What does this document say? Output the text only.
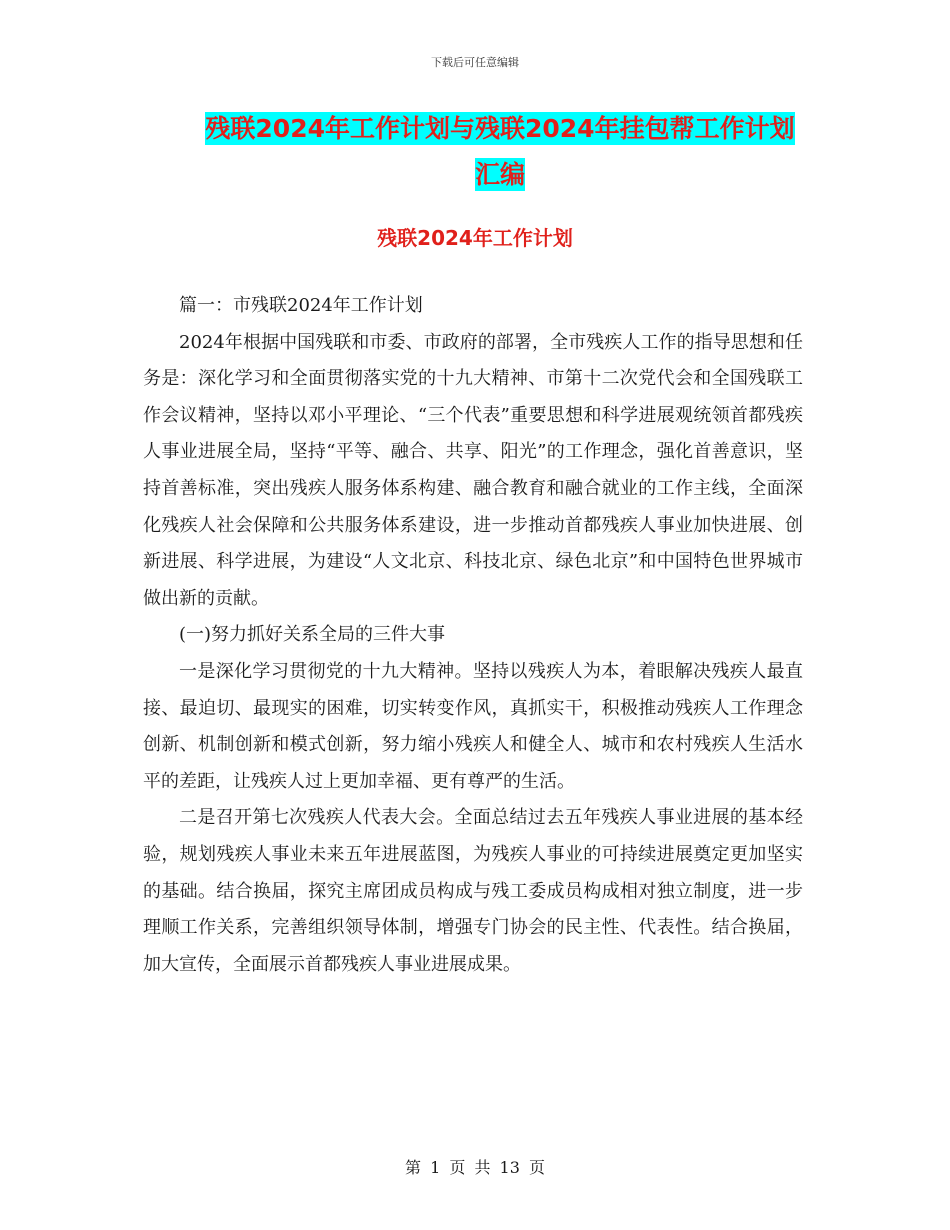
下载后可任意编辑
残联2024年工作计划与残联2024年挂包帮工作计划
汇编
残联2024年工作计划

篇一：市残联2024年工作计划

2024年根据中国残联和市委、市政府的部署，全市残疾人工作的指导思想和任务是：深化学习和全面贯彻落实党的十九大精神、市第十二次党代会和全国残联工作会议精神，坚持以邓小平理论、“三个代表”重要思想和科学进展观统领首都残疾人事业进展全局，坚持“平等、融合、共享、阳光”的工作理念，强化首善意识，坚持首善标准，突出残疾人服务体系构建、融合教育和融合就业的工作主线，全面深化残疾人社会保障和公共服务体系建设，进一步推动首都残疾人事业加快进展、创新进展、科学进展，为建设“人文北京、科技北京、绿色北京”和中国特色世界城市做出新的贡献。

(一)努力抓好关系全局的三件大事

一是深化学习贯彻党的十九大精神。坚持以残疾人为本，着眼解决残疾人最直接、最迫切、最现实的困难，切实转变作风，真抓实干，积极推动残疾人工作理念创新、机制创新和模式创新，努力缩小残疾人和健全人、城市和农村残疾人生活水平的差距，让残疾人过上更加幸福、更有尊严的生活。

二是召开第七次残疾人代表大会。全面总结过去五年残疾人事业进展的基本经验，规划残疾人事业未来五年进展蓝图，为残疾人事业的可持续进展奠定更加坚实的基础。结合换届，探究主席团成员构成与残工委成员构成相对独立制度，进一步理顺工作关系，完善组织领导体制，增强专门协会的民主性、代表性。结合换届，加大宣传，全面展示首都残疾人事业进展成果。

第 1 页 共 13 页
